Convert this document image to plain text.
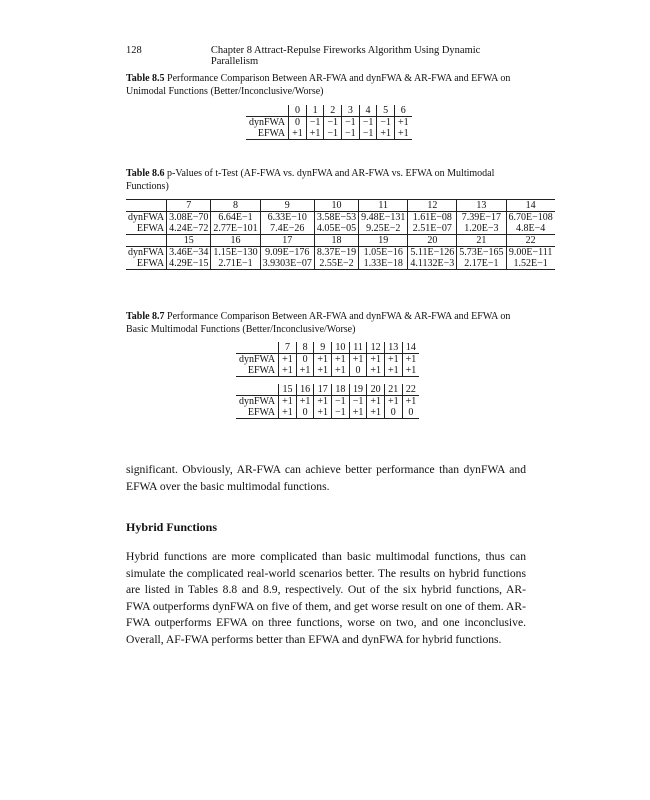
128	Chapter 8 Attract-Repulse Fireworks Algorithm Using Dynamic Parallelism
Table 8.5 Performance Comparison Between AR-FWA and dynFWA & AR-FWA and EFWA on Unimodal Functions (Better/Inconclusive/Worse)
	0	1	2	3	4	5	6
dynFWA	0	−1	−1	−1	−1	−1	+1
EFWA	+1	+1	−1	−1	−1	+1	+1
Table 8.6 p-Values of t-Test (AF-FWA vs. dynFWA and AR-FWA vs. EFWA on Multimodal Functions)
	7	8	9	10	11	12	13	14
dynFWA	3.08E−70	6.64E−1	6.33E−10	3.58E−53	9.48E−131	1.61E−08	7.39E−17	6.70E−108
EFWA	4.24E−72	2.77E−101	7.4E−26	4.05E−05	9.25E−2	2.51E−07	1.20E−3	4.8E−4
	15	16	17	18	19	20	21	22
dynFWA	3.46E−34	1.15E−130	9.09E−176	8.37E−19	1.05E−16	5.11E−126	5.73E−165	9.00E−111
EFWA	4.29E−15	2.71E−1	3.9303E−07	2.55E−2	1.33E−18	4.1132E−3	2.17E−1	1.52E−1
Table 8.7 Performance Comparison Between AR-FWA and dynFWA & AR-FWA and EFWA on Basic Multimodal Functions (Better/Inconclusive/Worse)
	7	8	9	10	11	12	13	14
dynFWA	+1	0	+1	+1	+1	+1	+1	+1
EFWA	+1	+1	+1	+1	0	+1	+1	+1

	15	16	17	18	19	20	21	22
dynFWA	+1	+1	+1	−1	−1	+1	+1	+1
EFWA	+1	0	+1	−1	+1	+1	0	0

significant. Obviously, AR-FWA can achieve better performance than dynFWA and EFWA over the basic multimodal functions.

Hybrid Functions

Hybrid functions are more complicated than basic multimodal functions, thus can simulate the complicated real-world scenarios better. The results on hybrid functions are listed in Tables 8.8 and 8.9, respectively. Out of the six hybrid functions, AR-FWA outperforms dynFWA on five of them, and get worse result on one of them. AR-FWA outperforms EFWA on three functions, worse on two, and one inconclusive. Overall, AF-FWA performs better than EFWA and dynFWA for hybrid functions.
